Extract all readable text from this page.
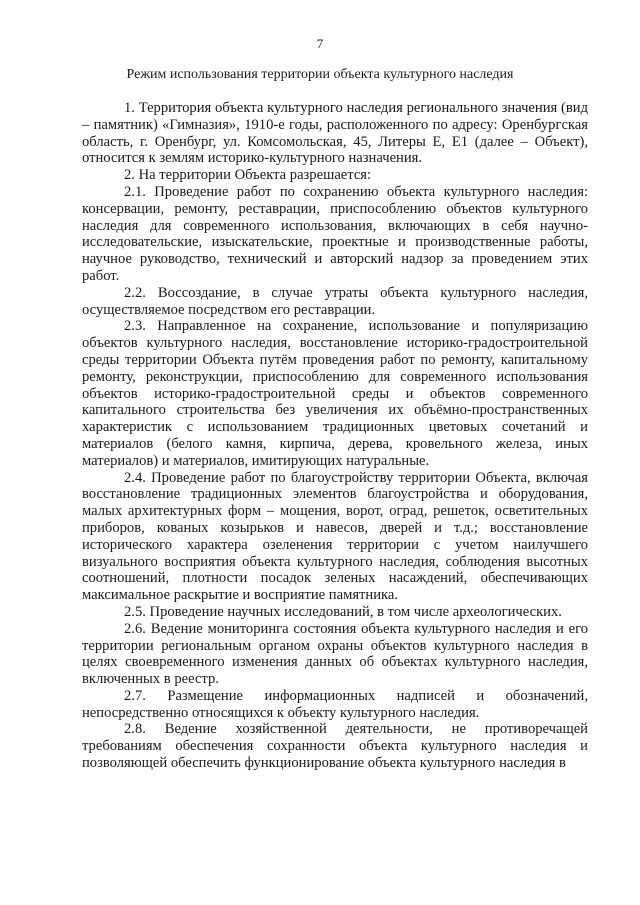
7
Режим использования территории объекта культурного наследия

1. Территория объекта культурного наследия регионального значения (вид – памятник) «Гимназия», 1910-е годы, расположенного по адресу: Оренбургская область, г. Оренбург, ул. Комсомольская, 45, Литеры Е, Е1 (далее – Объект), относится к землям историко-культурного назначения.

2. На территории Объекта разрешается:

2.1. Проведение работ по сохранению объекта культурного наследия: консервации, ремонту, реставрации, приспособлению объектов культурного наследия для современного использования, включающих в себя научно-исследовательские, изыскательские, проектные и производственные работы, научное руководство, технический и авторский надзор за проведением этих работ.

2.2. Воссоздание, в случае утраты объекта культурного наследия, осуществляемое посредством его реставрации.

2.3. Направленное на сохранение, использование и популяризацию объектов культурного наследия, восстановление историко-градостроительной среды территории Объекта путём проведения работ по ремонту, капитальному ремонту, реконструкции, приспособлению для современного использования объектов историко-градостроительной среды и объектов современного капитального строительства без увеличения их объёмно-пространственных характеристик с использованием традиционных цветовых сочетаний и материалов (белого камня, кирпича, дерева, кровельного железа, иных материалов) и материалов, имитирующих натуральные.

2.4. Проведение работ по благоустройству территории Объекта, включая восстановление традиционных элементов благоустройства и оборудования, малых архитектурных форм – мощения, ворот, оград, решеток, осветительных приборов, кованых козырьков и навесов, дверей и т.д.; восстановление исторического характера озеленения территории с учетом наилучшего визуального восприятия объекта культурного наследия, соблюдения высотных соотношений, плотности посадок зеленых насаждений, обеспечивающих максимальное раскрытие и восприятие памятника.

2.5. Проведение научных исследований, в том числе археологических.

2.6. Ведение мониторинга состояния объекта культурного наследия и его территории региональным органом охраны объектов культурного наследия в целях своевременного изменения данных об объектах культурного наследия, включенных в реестр.

2.7. Размещение информационных надписей и обозначений, непосредственно относящихся к объекту культурного наследия.

2.8. Ведение хозяйственной деятельности, не противоречащей требованиям обеспечения сохранности объекта культурного наследия и позволяющей обеспечить функционирование объекта культурного наследия в
